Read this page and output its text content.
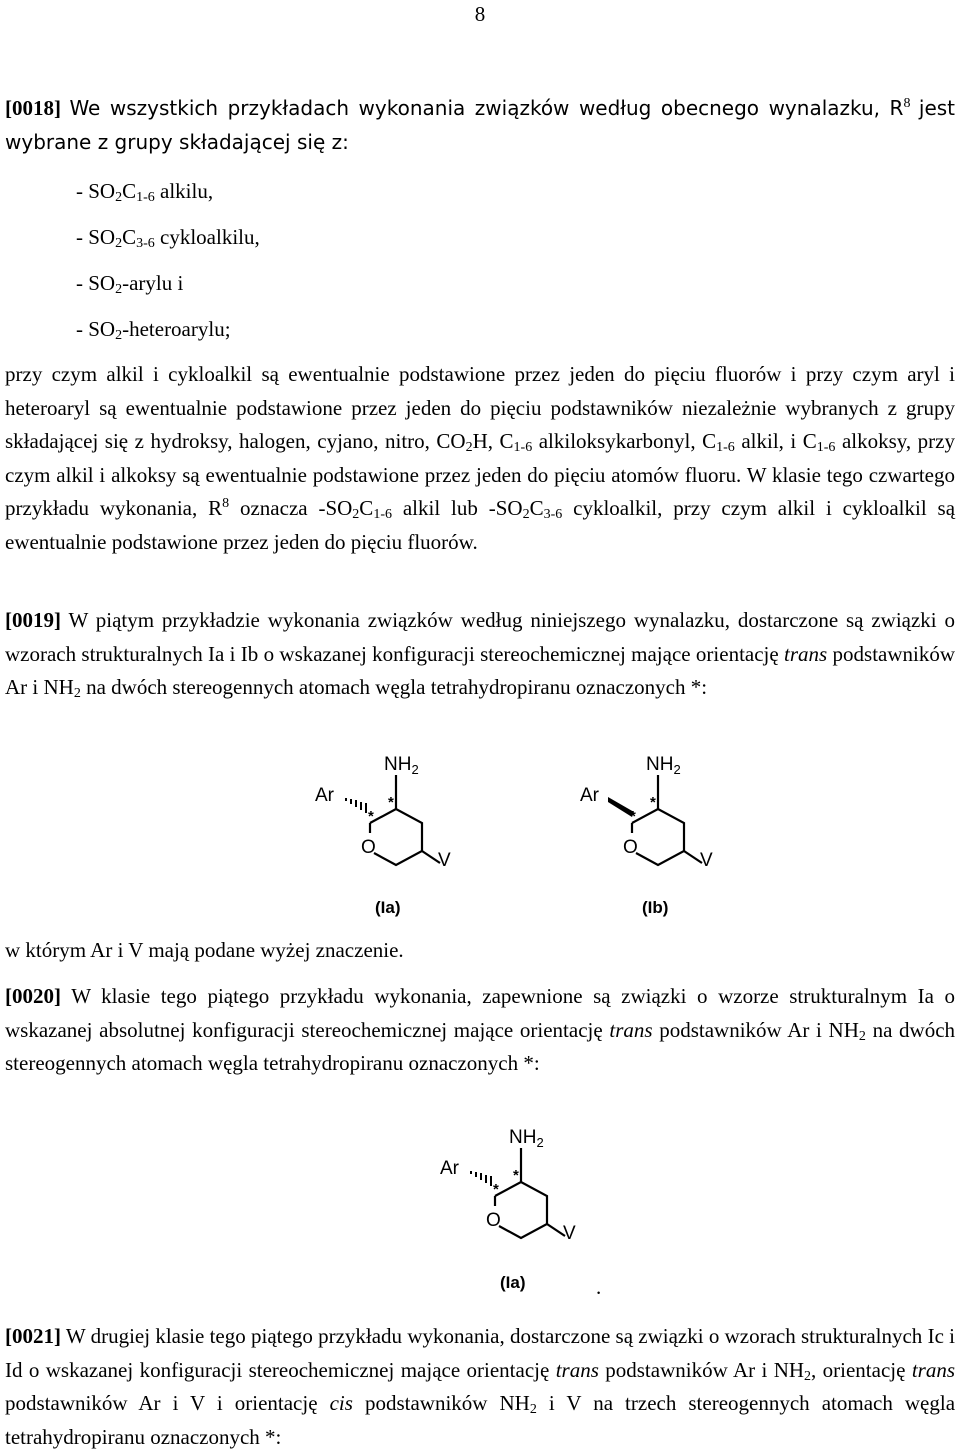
8

[0018] We wszystkich przykładach wykonania związków według obecnego wynalazku, $R^8$ jest wybrane z grupy składającej się z:

- $SO_2C_{1-6}$ alkilu,

- $SO_2C_{3-6}$ cykloalkilu,

- $SO_2$-arylu i

- $SO_2$-heteroarylu;

przy czym alkil i cykloalkil są ewentualnie podstawione przez jeden do pięciu fluorów i przy czym aryl i heteroaryl są ewentualnie podstawione przez jeden do pięciu podstawników niezależnie wybranych z grupy składającej się z hydroksy, halogen, cyjano, nitro, $CO_2H$, $C_{1-6}$ alkiloksykarbonyl, $C_{1-6}$ alkil, i $C_{1-6}$ alkoksy, przy czym alkil i alkoksy są ewentualnie podstawione przez jeden do pięciu atomów fluoru. W klasie tego czwartego przykładu wykonania, $R^8$ oznacza $-SO_2C_{1-6}$ alkil lub $-SO_2C_{3-6}$ cykloalkil, przy czym alkil i cykloalkil są ewentualnie podstawione przez jeden do pięciu fluorów.

[0019] W piątym przykładzie wykonania związków według niniejszego wynalazku, dostarczone są związki o wzorach strukturalnych Ia i Ib o wskazanej konfiguracji stereochemicznej mające orientację trans podstawników Ar i $NH_2$ na dwóch stereogennych atomach węgla tetrahydropiranu oznaczonych *:

$NH_2$
Ar
O
V
*
*
(Ia)
$NH_2$
Ar
O
V
*
*
(Ib)

w którym Ar i V mają podane wyżej znaczenie.

[0020] W klasie tego piątego przykładu wykonania, zapewnione są związki o wzorze strukturalnym Ia o wskazanej absolutnej konfiguracji stereochemicznej mające orientację trans podstawników Ar i $NH_2$ na dwóch stereogennych atomach węgla tetrahydropiranu oznaczonych *:

$NH_2$
Ar
O
V
*
*
(Ia)	.

[0021] W drugiej klasie tego piątego przykładu wykonania, dostarczone są związki o wzorach strukturalnych Ic i Id o wskazanej konfiguracji stereochemicznej mające orientację trans podstawników Ar i $NH_2$, orientację trans podstawników Ar i V i orientację cis podstawników $NH_2$ i V na trzech stereogennych atomach węgla tetrahydropiranu oznaczonych *:
